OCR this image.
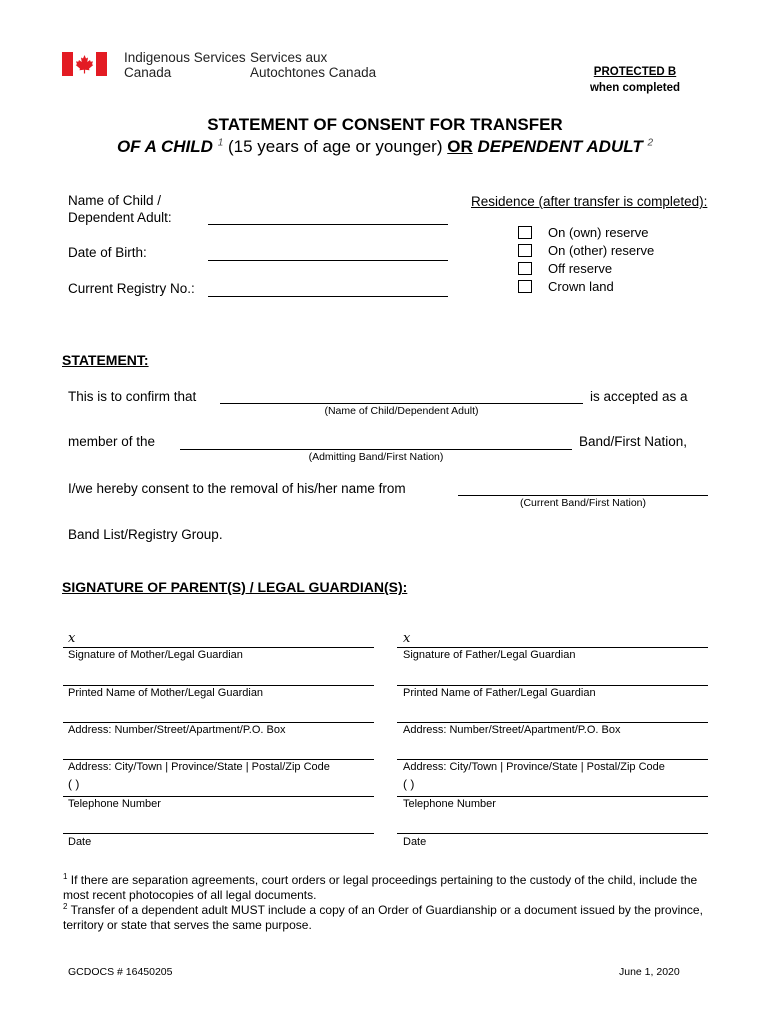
Indigenous Services
Canada
Services aux
Autochtones Canada	PROTECTED B
when completed
STATEMENT OF CONSENT FOR TRANSFER
OF A CHILD $^1$ (15 years of age or younger) OR DEPENDENT ADULT $^2$
Name of Child /
Dependent Adult:
Date of Birth:
Current Registry No.:
Residence (after transfer is completed):
On (own) reserve
On (other) reserve
Off reserve
Crown land
STATEMENT:
This is to confirm that	is accepted as a
(Name of Child/Dependent Adult)
member of the	Band/First Nation,
(Admitting Band/First Nation)
I/we hereby consent to the removal of his/her name from
(Current Band/First Nation)
Band List/Registry Group.
SIGNATURE OF PARENT(S) / LEGAL GUARDIAN(S):
x
Signature of Mother/Legal Guardian
Printed Name of Mother/Legal Guardian
Address: Number/Street/Apartment/P.O. Box
Address: City/Town | Province/State | Postal/Zip Code
( )
Telephone Number
Date
x
Signature of Father/Legal Guardian
Printed Name of Father/Legal Guardian
Address: Number/Street/Apartment/P.O. Box
Address: City/Town | Province/State | Postal/Zip Code
( )
Telephone Number
Date
$^1$ If there are separation agreements, court orders or legal proceedings pertaining to the custody of the child, include the most recent photocopies of all legal documents.
$^2$ Transfer of a dependent adult MUST include a copy of an Order of Guardianship or a document issued by the province, territory or state that serves the same purpose.
GCDOCS # 16450205	June 1, 2020
